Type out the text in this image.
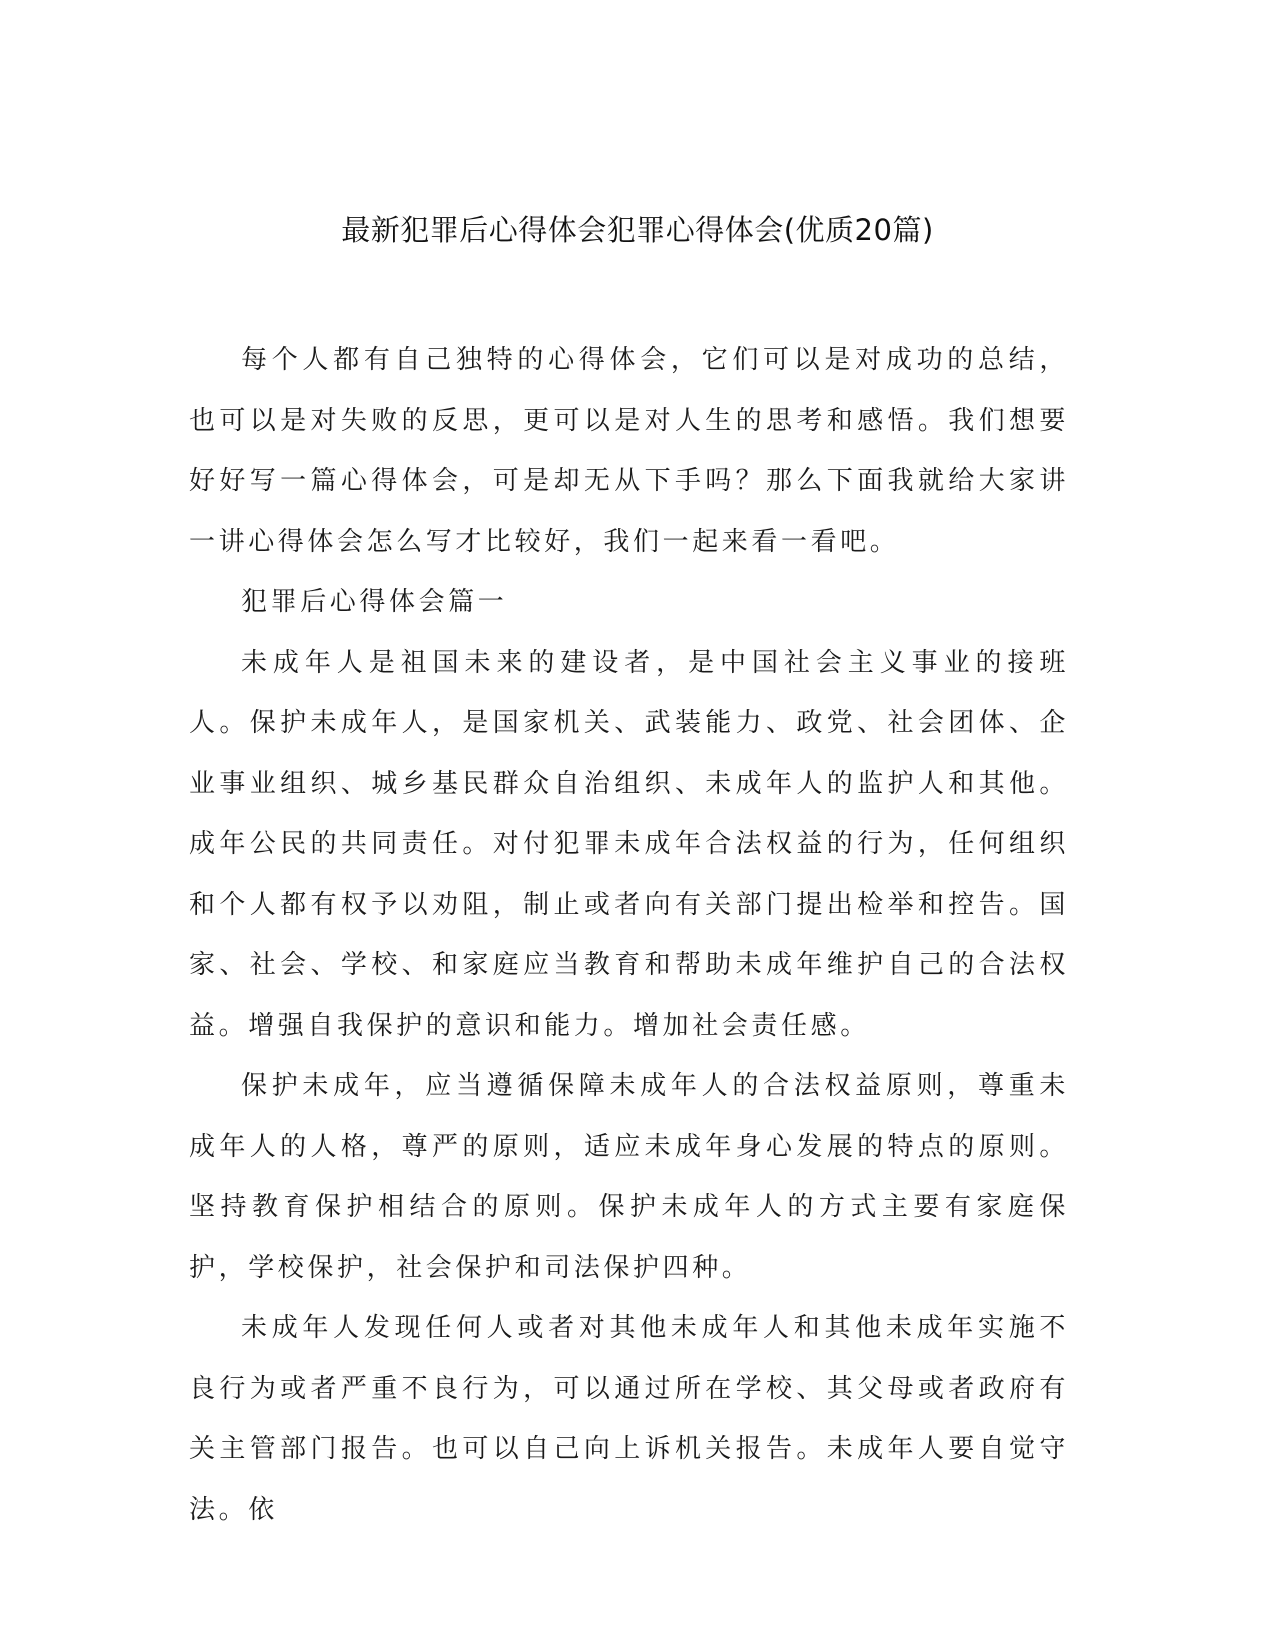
最新犯罪后心得体会犯罪心得体会(优质20篇)

每个人都有自己独特的心得体会，它们可以是对成功的总结，也可以是对失败的反思，更可以是对人生的思考和感悟。我们想要好好写一篇心得体会，可是却无从下手吗？那么下面我就给大家讲一讲心得体会怎么写才比较好，我们一起来看一看吧。

犯罪后心得体会篇一

未成年人是祖国未来的建设者，是中国社会主义事业的接班人。保护未成年人，是国家机关、武装能力、政党、社会团体、企业事业组织、城乡基民群众自治组织、未成年人的监护人和其他。成年公民的共同责任。对付犯罪未成年合法权益的行为，任何组织和个人都有权予以劝阻，制止或者向有关部门提出检举和控告。国家、社会、学校、和家庭应当教育和帮助未成年维护自己的合法权益。增强自我保护的意识和能力。增加社会责任感。

保护未成年，应当遵循保障未成年人的合法权益原则，尊重未成年人的人格，尊严的原则，适应未成年身心发展的特点的原则。坚持教育保护相结合的原则。保护未成年人的方式主要有家庭保护，学校保护，社会保护和司法保护四种。

未成年人发现任何人或者对其他未成年人和其他未成年实施不良行为或者严重不良行为，可以通过所在学校、其父母或者政府有关主管部门报告。也可以自己向上诉机关报告。未成年人要自觉守法。依
